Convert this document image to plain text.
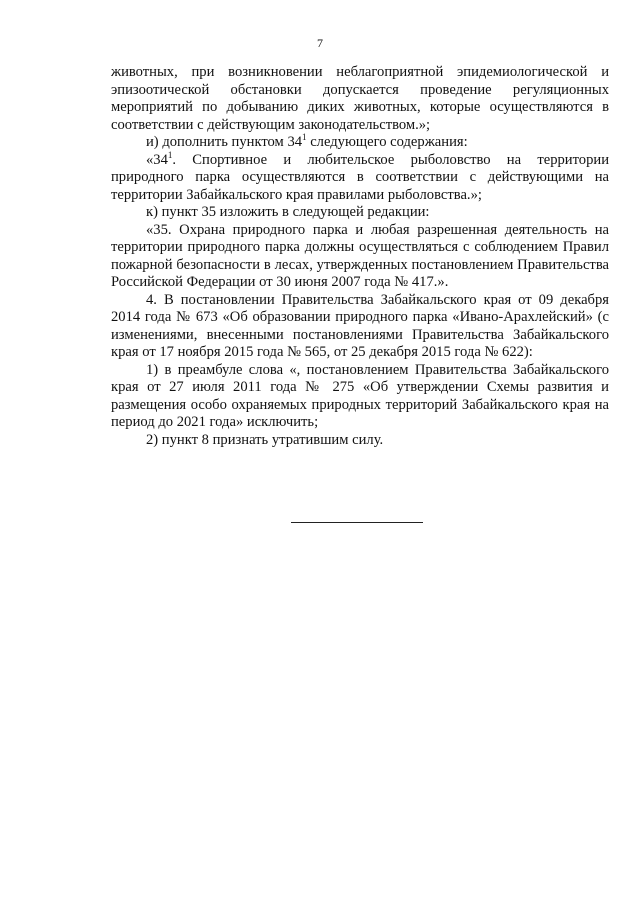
7

животных, при возникновении неблагоприятной эпидемиологической и эпизоотической обстановки допускается проведение регуляционных мероприятий по добыванию диких животных, которые осуществляются в соответствии с действующим законодательством.»;

и) дополнить пунктом $34^1$ следующего содержания:

«$34^1$. Спортивное и любительское рыболовство на территории природного парка осуществляются в соответствии с действующими на территории Забайкальского края правилами рыболовства.»;

к) пункт 35 изложить в следующей редакции:

«35. Охрана природного парка и любая разрешенная деятельность на территории природного парка должны осуществляться с соблюдением Правил пожарной безопасности в лесах, утвержденных постановлением Правительства Российской Федерации от 30 июня 2007 года № 417.».

4. В постановлении Правительства Забайкальского края от 09 декабря 2014 года № 673 «Об образовании природного парка «Ивано-Арахлейский» (с изменениями, внесенными постановлениями Правительства Забайкальского края от 17 ноября 2015 года № 565, от 25 декабря 2015 года № 622):

1) в преамбуле слова «, постановлением Правительства Забайкальского края от 27 июля 2011 года № 275 «Об утверждении Схемы развития и размещения особо охраняемых природных территорий Забайкальского края на период до 2021 года» исключить;

2) пункт 8 признать утратившим силу.
